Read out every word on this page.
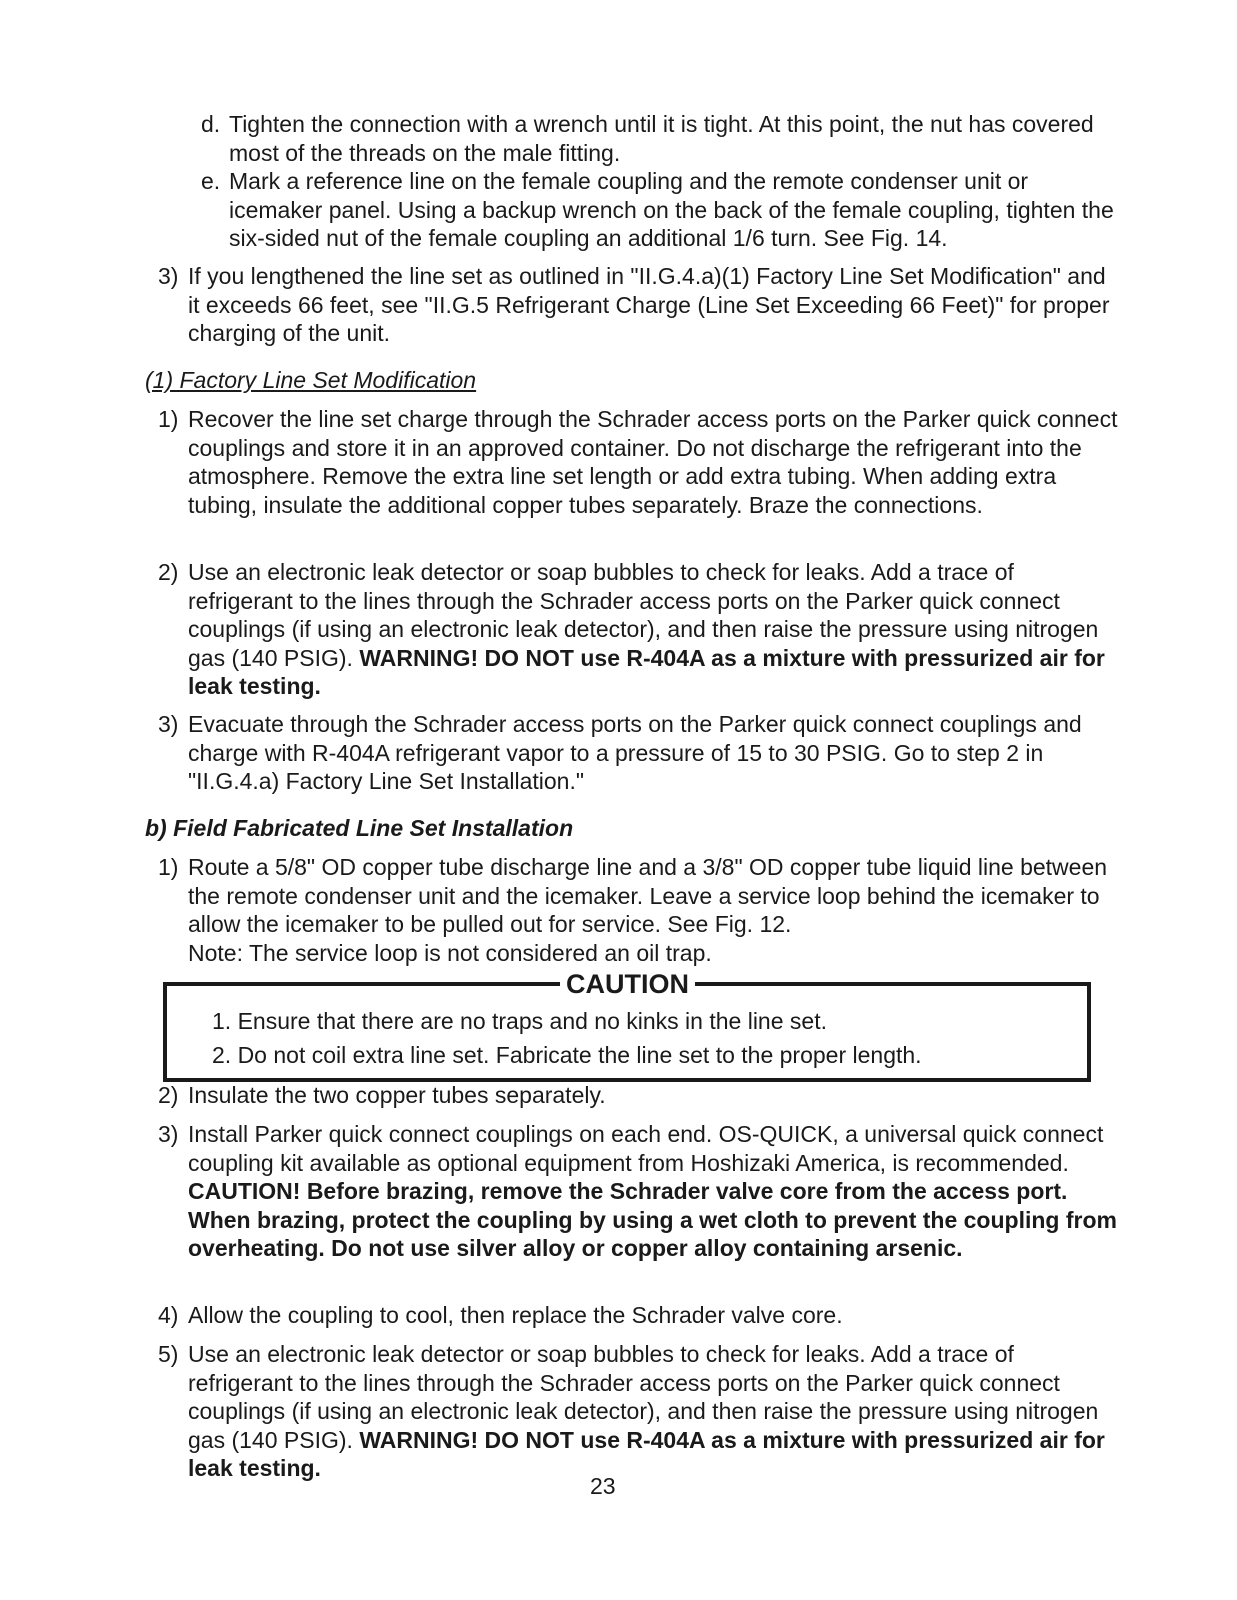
d. Tighten the connection with a wrench until it is tight. At this point, the nut has covered most of the threads on the male fitting.
e. Mark a reference line on the female coupling and the remote condenser unit or icemaker panel. Using a backup wrench on the back of the female coupling, tighten the six-sided nut of the female coupling an additional 1/6 turn. See Fig. 14.
3) If you lengthened the line set as outlined in "II.G.4.a)(1) Factory Line Set Modification" and it exceeds 66 feet, see "II.G.5 Refrigerant Charge (Line Set Exceeding 66 Feet)" for proper charging of the unit.
(1) Factory Line Set Modification
1) Recover the line set charge through the Schrader access ports on the Parker quick connect couplings and store it in an approved container. Do not discharge the refrigerant into the atmosphere. Remove the extra line set length or add extra tubing. When adding extra tubing, insulate the additional copper tubes separately. Braze the connections.
2) Use an electronic leak detector or soap bubbles to check for leaks. Add a trace of refrigerant to the lines through the Schrader access ports on the Parker quick connect couplings (if using an electronic leak detector), and then raise the pressure using nitrogen gas (140 PSIG). WARNING! DO NOT use R-404A as a mixture with pressurized air for leak testing.
3) Evacuate through the Schrader access ports on the Parker quick connect couplings and charge with R-404A refrigerant vapor to a pressure of 15 to 30 PSIG. Go to step 2 in "II.G.4.a) Factory Line Set Installation."
b) Field Fabricated Line Set Installation
1) Route a 5/8" OD copper tube discharge line and a 3/8" OD copper tube liquid line between the remote condenser unit and the icemaker. Leave a service loop behind the icemaker to allow the icemaker to be pulled out for service. See Fig. 12.
Note: The service loop is not considered an oil trap.
CAUTION
1. Ensure that there are no traps and no kinks in the line set.
2. Do not coil extra line set. Fabricate the line set to the proper length.
2) Insulate the two copper tubes separately.
3) Install Parker quick connect couplings on each end. OS-QUICK, a universal quick connect coupling kit available as optional equipment from Hoshizaki America, is recommended. CAUTION! Before brazing, remove the Schrader valve core from the access port. When brazing, protect the coupling by using a wet cloth to prevent the coupling from overheating. Do not use silver alloy or copper alloy containing arsenic.
4) Allow the coupling to cool, then replace the Schrader valve core.
5) Use an electronic leak detector or soap bubbles to check for leaks. Add a trace of refrigerant to the lines through the Schrader access ports on the Parker quick connect couplings (if using an electronic leak detector), and then raise the pressure using nitrogen gas (140 PSIG). WARNING! DO NOT use R-404A as a mixture with pressurized air for leak testing.
23
